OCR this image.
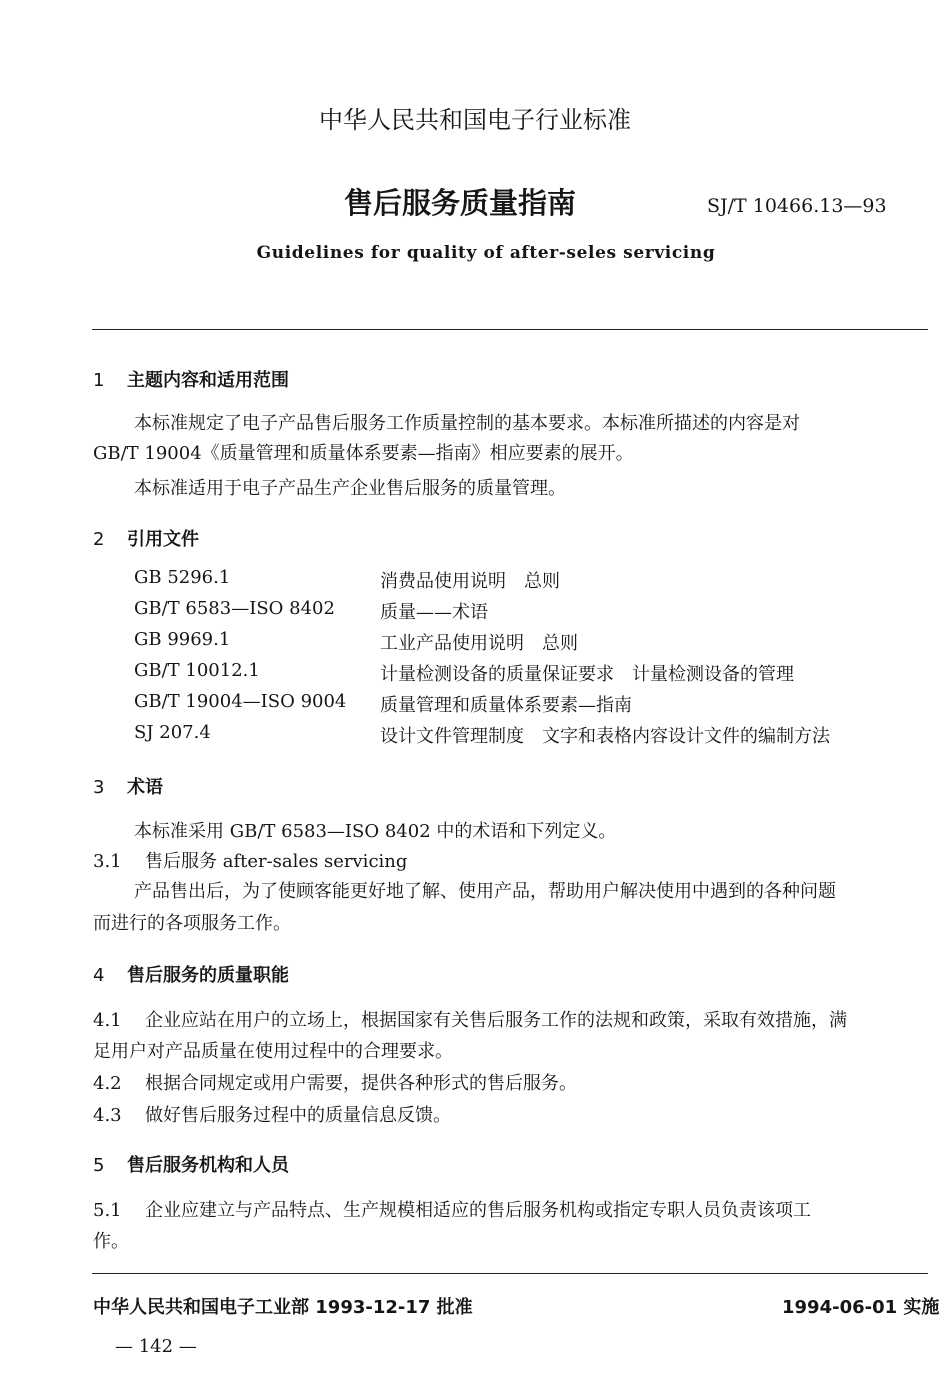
中华人民共和国电子行业标准
售后服务质量指南	SJ/T 10466.13—93
Guidelines for quality of after-seles servicing
1 主题内容和适用范围
本标准规定了电子产品售后服务工作质量控制的基本要求。本标准所描述的内容是对
GB/T 19004《质量管理和质量体系要素—指南》相应要素的展开。
本标准适用于电子产品生产企业售后服务的质量管理。
2 引用文件
GB 5296.1	消费品使用说明　总则
GB/T 6583—ISO 8402	质量——术语
GB 9969.1	工业产品使用说明　总则
GB/T 10012.1	计量检测设备的质量保证要求　计量检测设备的管理
GB/T 19004—ISO 9004 质量管理和质量体系要素—指南
SJ 207.4	设计文件管理制度　文字和表格内容设计文件的编制方法
3 术语
本标准采用 GB/T 6583—ISO 8402 中的术语和下列定义。
3.1 售后服务 after-sales servicing
产品售出后，为了使顾客能更好地了解、使用产品，帮助用户解决使用中遇到的各种问题
而进行的各项服务工作。
4 售后服务的质量职能
4.1 企业应站在用户的立场上，根据国家有关售后服务工作的法规和政策，采取有效措施，满
足用户对产品质量在使用过程中的合理要求。
4.2 根据合同规定或用户需要，提供各种形式的售后服务。
4.3 做好售后服务过程中的质量信息反馈。
5 售后服务机构和人员
5.1 企业应建立与产品特点、生产规模相适应的售后服务机构或指定专职人员负责该项工
作。
中华人民共和国电子工业部 1993-12-17 批准	1994-06-01 实施
— 142 —
